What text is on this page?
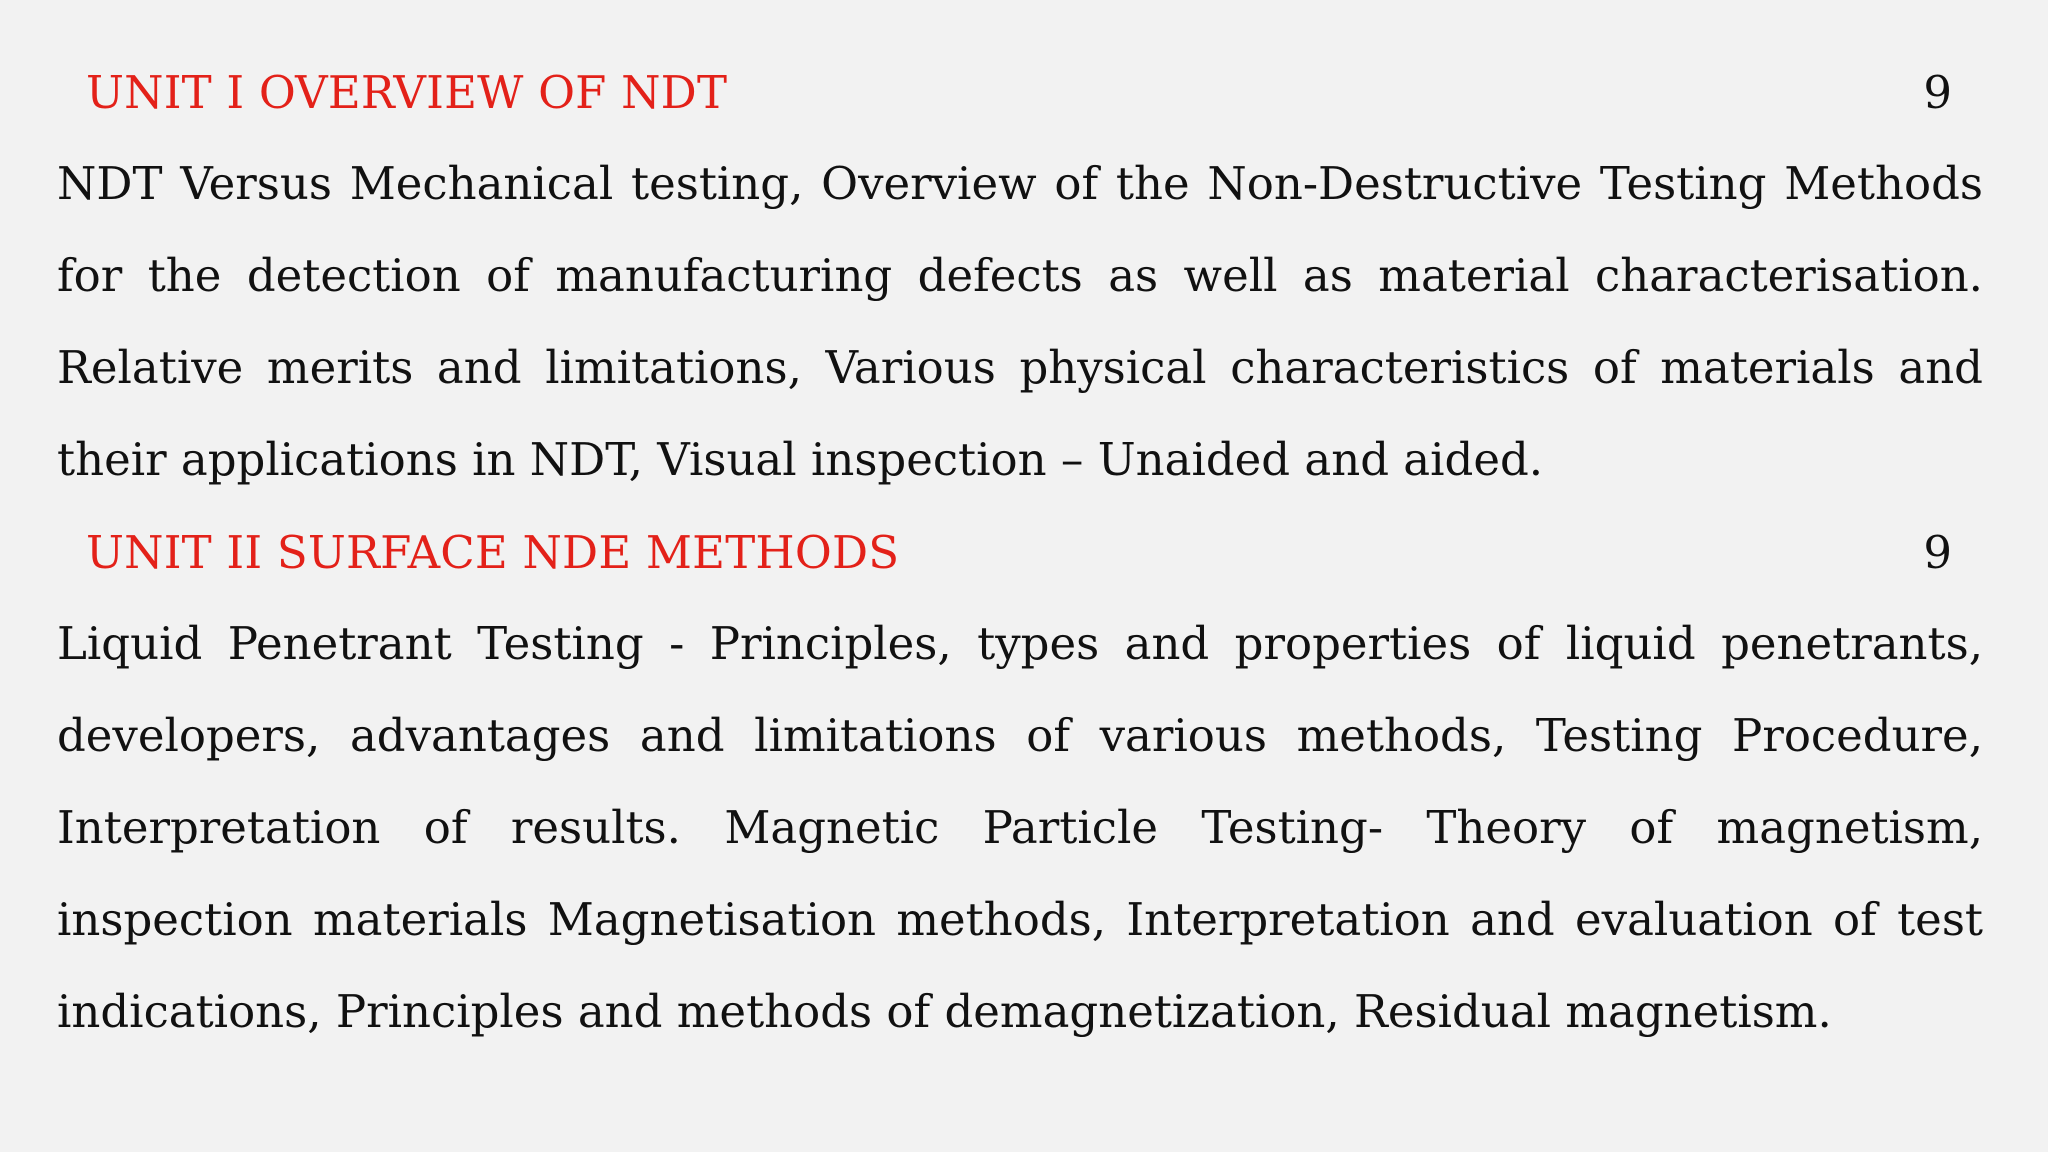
UNIT I OVERVIEW OF NDT	9

NDT Versus Mechanical testing, Overview of the Non-Destructive Testing Methods for the detection of manufacturing defects as well as material characterisation. Relative merits and limitations, Various physical characteristics of materials and their applications in NDT, Visual inspection – Unaided and aided.

UNIT II SURFACE NDE METHODS	9

Liquid Penetrant Testing - Principles, types and properties of liquid penetrants, developers, advantages and limitations of various methods, Testing Procedure, Interpretation of results. Magnetic Particle Testing- Theory of magnetism, inspection materials Magnetisation methods, Interpretation and evaluation of test indications, Principles and methods of demagnetization, Residual magnetism.
